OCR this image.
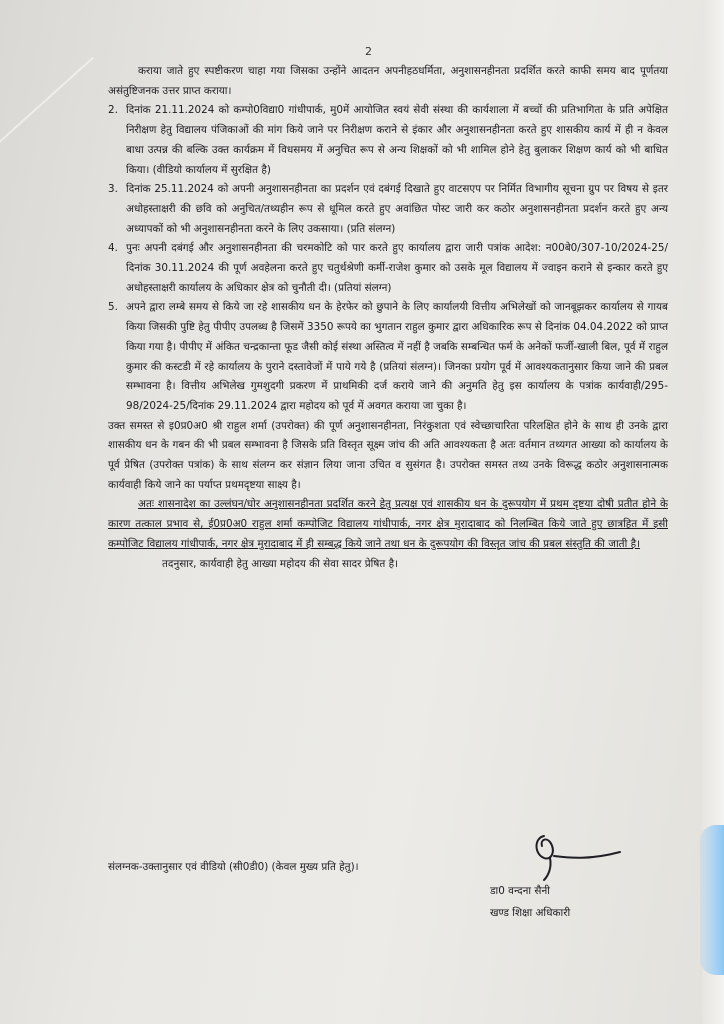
2

कराया जाते हुए स्पष्टीकरण चाहा गया जिसका उन्होंने आदतन अपनीहठधर्मिता, अनुशासनहीनता प्रदर्शित करते काफी समय बाद पूर्णतया असंतुष्टिजनक उत्तर प्राप्त कराया।

2. दिनांक 21.11.2024 को कम्पो0विद्या0 गांधीपार्क, मु0में आयोजित स्वयं सेवी संस्था की कार्यशाला में बच्चों की प्रतिभागिता के प्रति अपेक्षित निरीक्षण हेतु विद्यालय पंजिकाओं की मांग किये जाने पर निरीक्षण कराने से इंकार और अनुशासनहीनता करते हुए शासकीय कार्य में ही न केवल बाधा उत्पन्न की बल्कि उक्त कार्यक्रम में विधसमय में अनुचित रूप से अन्य शिक्षकों को भी शामिल होने हेतु बुलाकर शिक्षण कार्य को भी बाधित किया। (वीडियो कार्यालय में सुरक्षित है)
3. दिनांक 25.11.2024 को अपनी अनुशासनहीनता का प्रदर्शन एवं दबंगई दिखाते हुए वाटसएप पर निर्मित विभागीय सूचना ग्रुप पर विषय से इतर अधोहस्ताक्षरी की छवि को अनुचित/तथ्यहीन रूप से धूमिल करते हुए अवांछित पोस्ट जारी कर कठोर अनुशासनहीनता प्रदर्शन करते हुए अन्य अध्यापकों को भी अनुशासनहीनता करने के लिए उकसाया। (प्रति संलग्न)
4. पुनः अपनी दबंगई और अनुशासनहीनता की चरमकोटि को पार करते हुए कार्यालय द्वारा जारी पत्रांक आदेश: न00बे0/307-10/2024-25/दिनांक 30.11.2024 की पूर्ण अवहेलना करते हुए चतुर्थश्रेणी कर्मी-राजेश कुमार को उसके मूल विद्यालय में ज्वाइन कराने से इन्कार करते हुए अधोहस्ताक्षरी कार्यालय के अधिकार क्षेत्र को चुनौती दी। (प्रतियां संलग्न)
5. अपने द्वारा लम्बे समय से किये जा रहे शासकीय धन के हेरफेर को छुपाने के लिए कार्यालयी वित्तीय अभिलेखों को जानबूझकर कार्यालय से गायब किया जिसकी पुष्टि हेतु पीपीए उपलब्ध है जिसमें 3350 रूपये का भुगतान राहुल कुमार द्वारा अधिकारिक रूप से दिनांक 04.04.2022 को प्राप्त किया गया है। पीपीए में अंकित चन्द्रकान्ता फूड जैसी कोई संस्था अस्तित्व में नहीं है जबकि सम्बन्धित फर्म के अनेकों फर्जी-खाली बिल, पूर्व में राहुल कुमार की कस्टडी में रहे कार्यालय के पुराने दस्तावेजों में पाये गये है (प्रतियां संलग्न)। जिनका प्रयोग पूर्व में आवश्यकतानुसार किया जाने की प्रबल सम्भावना है। वित्तीय अभिलेख गुमशुदगी प्रकरण में प्राथमिकी दर्ज कराये जाने की अनुमति हेतु इस कार्यालय के पत्रांक कार्यवाही/295-98/2024-25/दिनांक 29.11.2024 द्वारा महोदय को पूर्व में अवगत कराया जा चुका है।

उक्त समस्त से इ0प्र0अ0 श्री राहुल शर्मा (उपरोक्त) की पूर्ण अनुशासनहीनता, निरंकुशता एवं स्वेच्छाचारिता परिलक्षित होने के साथ ही उनके द्वारा शासकीय धन के गबन की भी प्रबल सम्भावना है जिसके प्रति विस्तृत सूक्ष्म जांच की अति आवश्यकता है अतः वर्तमान तथ्यगत आख्या को कार्यालय के पूर्व प्रेषित (उपरोक्त पत्रांक) के साथ संलग्न कर संज्ञान लिया जाना उचित व सुसंगत है। उपरोक्त समस्त तथ्य उनके विरूद्ध कठोर अनुशासनात्मक कार्यवाही किये जाने का पर्याप्त प्रथमदृष्टया साक्ष्य है।

अतः शासनादेश का उल्लंघन/घोर अनुशासनहीनता प्रदर्शित करने हेतु प्रत्यक्ष एवं शासकीय धन के दुरूपयोग में प्रथम दृष्टया दोषी प्रतीत होने के कारण तत्काल प्रभाव से, ई0प्र0अ0 राहुल शर्मा कम्पोजिट विद्यालय गांधीपार्क, नगर क्षेत्र मुरादाबाद को निलम्बित किये जाते हुए छात्रहित में इसी कम्पोजिट विद्यालय गांधीपार्क, नगर क्षेत्र मुरादाबाद में ही सम्बद्ध किये जाने तथा धन के दुरूपयोग की विस्तृत जांच की प्रबल संस्तुति की जाती है।

तदनुसार, कार्यवाही हेतु आख्या महोदय की सेवा सादर प्रेषित है।

संलग्नक-उक्तानुसार एवं वीडियो (सी0डी0) (केवल मुख्य प्रति हेतु)।
डा0 वन्दना सैनी
खण्ड शिक्षा अधिकारी
